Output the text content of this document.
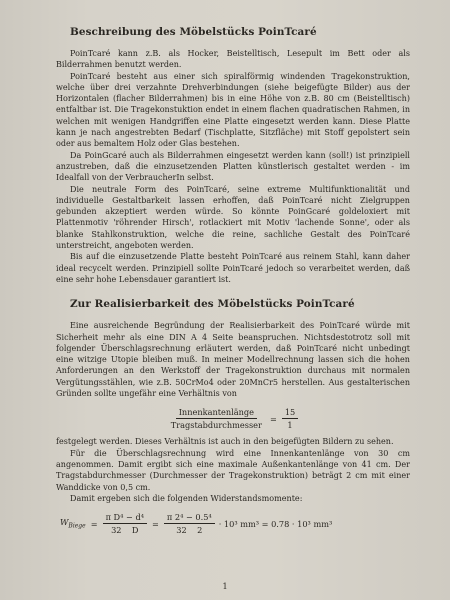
Beschreibung des Möbelstücks PoinTcaré

PoinTcaré kann z.B. als Hocker, Beistelltisch, Lesepult im Bett oder als Bilderrahmen benutzt werden.

PoinTcaré besteht aus einer sich spiralförmig windenden Tragekonstruktion, welche über drei verzahnte Drehverbindungen (siehe beigefügte Bilder) aus der Horizontalen (flacher Bilderrahmen) bis in eine Höhe von z.B. 80 cm (Beistelltisch) entfaltbar ist. Die Tragekonstuktion endet in einem flachen quadratischen Rahmen, in welchen mit wenigen Handgriffen eine Platte eingesetzt werden kann. Diese Platte kann je nach angestrebten Bedarf (Tischplatte, Sitzfläche) mit Stoff gepolstert sein oder aus bemaltem Holz oder Glas bestehen.

Da PoinGcaré auch als Bilderrahmen eingesetzt werden kann (soll!) ist prinzipiell anzustreben, daß die einzusetzenden Platten künstlerisch gestaltet werden - im Idealfall von der VerbraucherIn selbst.

Die neutrale Form des PoinTcaré, seine extreme Multifunktionalität und individuelle Gestaltbarkeit lassen erhoffen, daß PoinTcaré nicht Zielgruppen gebunden akzeptiert werden würde. So könnte PoinGcaré goldeloxiert mit Plattenmotiv 'röhrender Hirsch', rotlackiert mit Motiv 'lachende Sonne', oder als blanke Stahlkonstruktion, welche die reine, sachliche Gestalt des PoinTcaré unterstreicht, angeboten werden.

Bis auf die einzusetzende Platte besteht PoinTcaré aus reinem Stahl, kann daher ideal recycelt werden. Prinzipiell sollte PoinTcaré jedoch so verarbeitet werden, daß eine sehr hohe Lebensdauer garantiert ist.

Zur Realisierbarkeit des Möbelstücks PoinTcaré

Eine ausreichende Begründung der Realisierbarkeit des PoinTcaré würde mit Sicherheit mehr als eine DIN A 4 Seite beanspruchen. Nichtsdestotrotz soll mit folgender Überschlagsrechnung erläutert werden, daß PoinTcaré nicht unbedingt eine witzige Utopie bleiben muß. In meiner Modellrechnung lassen sich die hohen Anforderungen an den Werkstoff der Tragekonstruktion durchaus mit normalen Vergütungsstählen, wie z.B. 50CrMo4 oder 20MnCr5 herstellen. Aus gestalterischen Gründen sollte ungefähr eine Verhältnis von

$\frac{\text{Innenkantenlänge}}{\text{Tragstabdurchmesser}} = \frac{15}{1}$

festgelegt werden. Dieses Verhältnis ist auch in den beigefügten Bildern zu sehen.

Für die Überschlagsrechnung wird eine Innenkantenlänge von 30 cm angenommen. Damit ergibt sich eine maximale Außenkantenlänge von 41 cm. Der Tragstabdurchmesser (Durchmesser der Tragekonstruktion) beträgt 2 cm mit einer Wanddicke von 0,5 cm.

Damit ergeben sich die folgenden Widerstandsmomente:

$W_{Biege} = \frac{\text{π D⁴ − d⁴}}{32 D} = \frac{\text{π 2⁴ − 0.5⁴}}{32 2} \cdot 10^3$ mm³ = 0.78 · 10³ mm³
1
